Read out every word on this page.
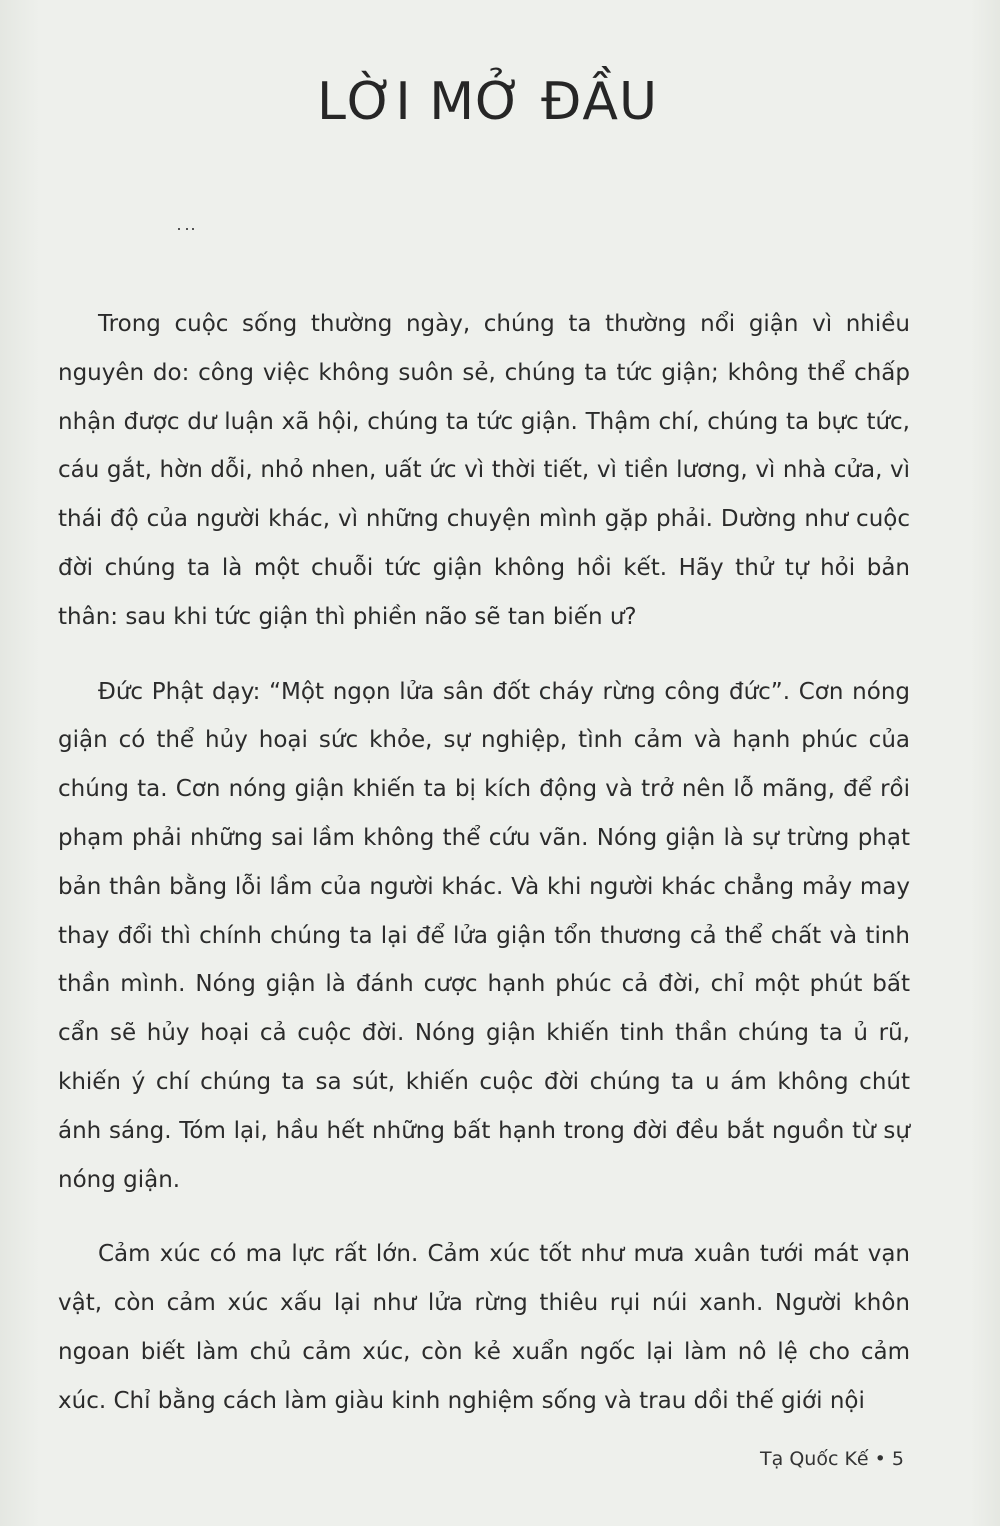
LỜI MỞ ĐẦU

Trong cuộc sống thường ngày, chúng ta thường nổi giận vì nhiều nguyên do: công việc không suôn sẻ, chúng ta tức giận; không thể chấp nhận được dư luận xã hội, chúng ta tức giận. Thậm chí, chúng ta bực tức, cáu gắt, hờn dỗi, nhỏ nhen, uất ức vì thời tiết, vì tiền lương, vì nhà cửa, vì thái độ của người khác, vì những chuyện mình gặp phải. Dường như cuộc đời chúng ta là một chuỗi tức giận không hồi kết. Hãy thử tự hỏi bản thân: sau khi tức giận thì phiền não sẽ tan biến ư?

Đức Phật dạy: “Một ngọn lửa sân đốt cháy rừng công đức”. Cơn nóng giận có thể hủy hoại sức khỏe, sự nghiệp, tình cảm và hạnh phúc của chúng ta. Cơn nóng giận khiến ta bị kích động và trở nên lỗ mãng, để rồi phạm phải những sai lầm không thể cứu vãn. Nóng giận là sự trừng phạt bản thân bằng lỗi lầm của người khác. Và khi người khác chẳng mảy may thay đổi thì chính chúng ta lại để lửa giận tổn thương cả thể chất và tinh thần mình. Nóng giận là đánh cược hạnh phúc cả đời, chỉ một phút bất cẩn sẽ hủy hoại cả cuộc đời. Nóng giận khiến tinh thần chúng ta ủ rũ, khiến ý chí chúng ta sa sút, khiến cuộc đời chúng ta u ám không chút ánh sáng. Tóm lại, hầu hết những bất hạnh trong đời đều bắt nguồn từ sự nóng giận.

Cảm xúc có ma lực rất lớn. Cảm xúc tốt như mưa xuân tưới mát vạn vật, còn cảm xúc xấu lại như lửa rừng thiêu rụi núi xanh. Người khôn ngoan biết làm chủ cảm xúc, còn kẻ xuẩn ngốc lại làm nô lệ cho cảm xúc. Chỉ bằng cách làm giàu kinh nghiệm sống và trau dồi thế giới nội

Tạ Quốc Kế • 5
